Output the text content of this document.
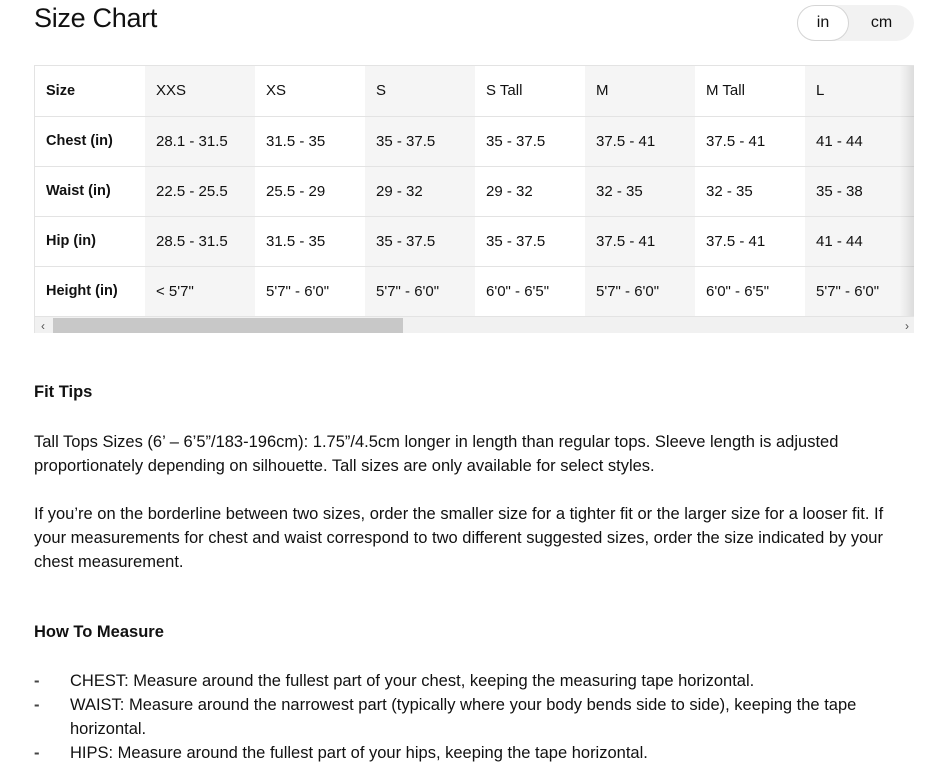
Size Chart	in	cm
Size	XXS	XS	S	S Tall	M	M Tall	L
Chest (in)	28.1 - 31.5	31.5 - 35	35 - 37.5	35 - 37.5	37.5 - 41	37.5 - 41	41 - 44
Waist (in)	22.5 - 25.5	25.5 - 29	29 - 32	29 - 32	32 - 35	32 - 35	35 - 38
Hip (in)	28.5 - 31.5	31.5 - 35	35 - 37.5	35 - 37.5	37.5 - 41	37.5 - 41	41 - 44
Height (in)	< 5'7"	5'7" - 6'0"	5'7" - 6'0"	6'0" - 6'5"	5'7" - 6'0"	6'0" - 6'5"	5'7" - 6'0"
‹	›
Fit Tips

Tall Tops Sizes (6’ – 6’5”/183-196cm): 1.75”/4.5cm longer in length than regular tops. Sleeve length is adjusted proportionately depending on silhouette. Tall sizes are only available for select styles.

If you’re on the borderline between two sizes, order the smaller size for a tighter fit or the larger size for a looser fit. If your measurements for chest and waist correspond to two different suggested sizes, order the size indicated by your chest measurement.

How To Measure
- CHEST: Measure around the fullest part of your chest, keeping the measuring tape horizontal.
- WAIST: Measure around the narrowest part (typically where your body bends side to side), keeping the tape horizontal.
- HIPS: Measure around the fullest part of your hips, keeping the tape horizontal.
